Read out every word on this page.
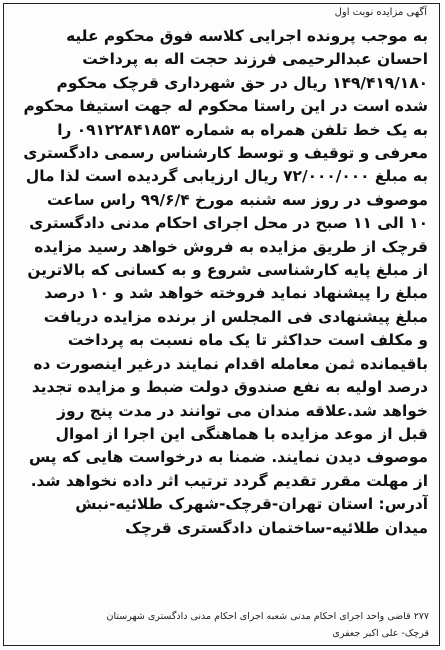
آگهی مزایده نوبت اول
به موجب پرونده اجرایی کلاسه فوق محکوم علیه
احسان عبدالرحیمی فرزند حجت اله به پرداخت
۱۴۹/۴۱۹/۱۸۰ ریال در حق شهرداری قرچک محکوم
شده است در این راستا محکوم له جهت استیفا محکوم
به یک خط تلفن همراه به شماره ۰۹۱۲۲۸۴۱۸۵۳ را
معرفی و توقیف و توسط کارشناس رسمی دادگستری
به مبلغ ۷۲/۰۰۰/۰۰۰ ریال ارزیابی گردیده است لذا مال
موصوف در روز سه شنبه مورخ ۹۹/۶/۴ راس ساعت
۱۰ الی ۱۱ صبح در محل اجرای احکام مدنی دادگستری
قرچک از طریق مزایده به فروش خواهد رسید مزایده
از مبلغ پایه کارشناسی شروع و به کسانی که بالاترین
مبلغ را پیشنهاد نماید فروخته خواهد شد و ۱۰ درصد
مبلغ پیشنهادی فی المجلس از برنده مزایده دریافت
و مکلف است حداکثر تا یک ماه نسبت به پرداخت
باقیمانده ثمن معامله اقدام نمایند درغیر اینصورت ده
درصد اولیه به نفع صندوق دولت ضبط و مزایده تجدید
خواهد شد.علاقه مندان می توانند در مدت پنج روز
قبل از موعد مزایده با هماهنگی این اجرا از اموال
موصوف دیدن نمایند. ضمنا به درخواست هایی که پس
از مهلت مقرر تقدیم گردد ترتیب اثر داده نخواهد شد.
آدرس: استان تهران-قرچک-شهرک طلائیه-نبش
میدان طلائیه-ساختمان دادگستری قرچک
۲۷۷ قاضی واحد اجرای احکام مدنی شعبه اجرای احکام مدنی دادگستری شهرستان
قرچک- علی اکبر جعفری
